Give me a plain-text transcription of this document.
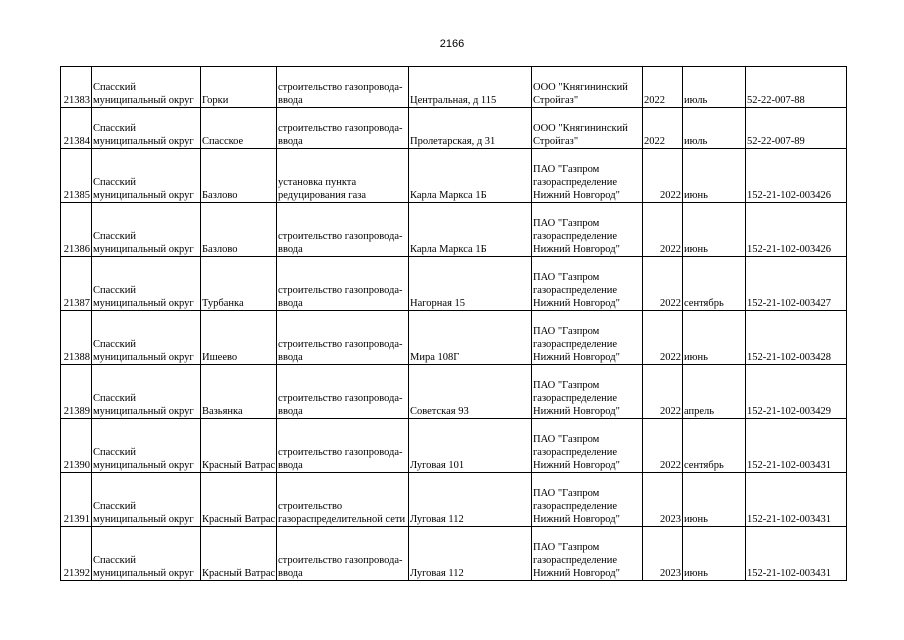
2166
21383	Спасский
муниципальный округ	Горки	строительство газопровода-
ввода	Центральная, д 115	ООО "Княгининский
Стройгаз"	2022	июль	52-22-007-88
21384	Спасский
муниципальный округ	Спасское	строительство газопровода-
ввода	Пролетарская, д 31	ООО "Княгининский
Стройгаз"	2022	июль	52-22-007-89
21385	Спасский
муниципальный округ	Базлово	установка пункта
редуцирования газа	Карла Маркса 1Б	ПАО "Газпром
газораспределение
Нижний Новгород"	2022	июнь	152-21-102-003426
21386	Спасский
муниципальный округ	Базлово	строительство газопровода-
ввода	Карла Маркса 1Б	ПАО "Газпром
газораспределение
Нижний Новгород"	2022	июнь	152-21-102-003426
21387	Спасский
муниципальный округ	Турбанка	строительство газопровода-
ввода	Нагорная 15	ПАО "Газпром
газораспределение
Нижний Новгород"	2022	сентябрь	152-21-102-003427
21388	Спасский
муниципальный округ	Ишеево	строительство газопровода-
ввода	Мира 108Г	ПАО "Газпром
газораспределение
Нижний Новгород"	2022	июнь	152-21-102-003428
21389	Спасский
муниципальный округ	Вазьянка	строительство газопровода-
ввода	Советская 93	ПАО "Газпром
газораспределение
Нижний Новгород"	2022	апрель	152-21-102-003429
21390	Спасский
муниципальный округ	Красный Ватрас	строительство газопровода-
ввода	Луговая 101	ПАО "Газпром
газораспределение
Нижний Новгород"	2022	сентябрь	152-21-102-003431
21391	Спасский
муниципальный округ	Красный Ватрас	строительство
газораспределительной сети	Луговая 112	ПАО "Газпром
газораспределение
Нижний Новгород"	2023	июнь	152-21-102-003431
21392	Спасский
муниципальный округ	Красный Ватрас	строительство газопровода-
ввода	Луговая 112	ПАО "Газпром
газораспределение
Нижний Новгород"	2023	июнь	152-21-102-003431
